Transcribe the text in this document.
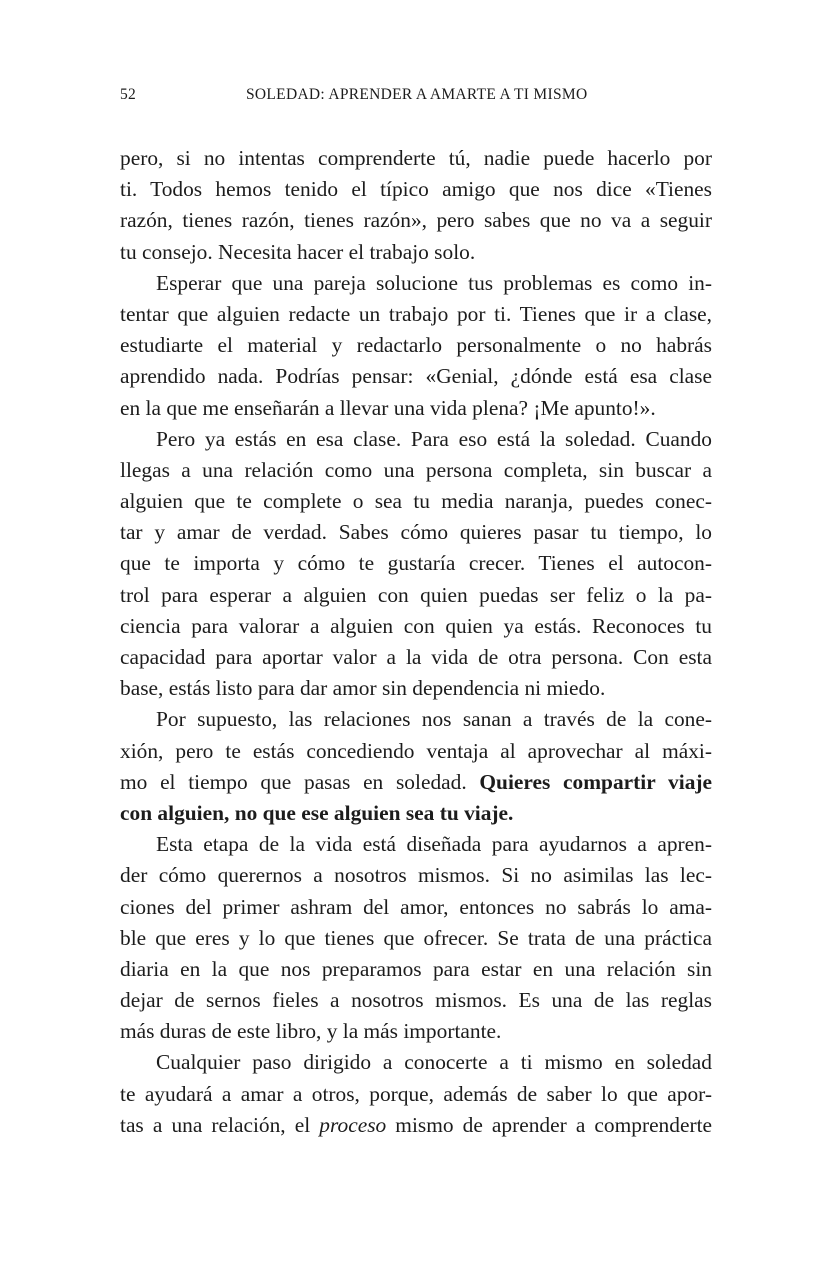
52	SOLEDAD: APRENDER A AMARTE A TI MISMO
pero, si no intentas comprenderte tú, nadie puede hacerlo por
ti. Todos hemos tenido el típico amigo que nos dice «Tienes
razón, tienes razón, tienes razón», pero sabes que no va a seguir
tu consejo. Necesita hacer el trabajo solo.
Esperar que una pareja solucione tus problemas es como in-
tentar que alguien redacte un trabajo por ti. Tienes que ir a clase,
estudiarte el material y redactarlo personalmente o no habrás
aprendido nada. Podrías pensar: «Genial, ¿dónde está esa clase
en la que me enseñarán a llevar una vida plena? ¡Me apunto!».
Pero ya estás en esa clase. Para eso está la soledad. Cuando
llegas a una relación como una persona completa, sin buscar a
alguien que te complete o sea tu media naranja, puedes conec-
tar y amar de verdad. Sabes cómo quieres pasar tu tiempo, lo
que te importa y cómo te gustaría crecer. Tienes el autocon-
trol para esperar a alguien con quien puedas ser feliz o la pa-
ciencia para valorar a alguien con quien ya estás. Reconoces tu
capacidad para aportar valor a la vida de otra persona. Con esta
base, estás listo para dar amor sin dependencia ni miedo.
Por supuesto, las relaciones nos sanan a través de la cone-
xión, pero te estás concediendo ventaja al aprovechar al máxi-
mo el tiempo que pasas en soledad. Quieres compartir viaje
con alguien, no que ese alguien sea tu viaje.
Esta etapa de la vida está diseñada para ayudarnos a apren-
der cómo querernos a nosotros mismos. Si no asimilas las lec-
ciones del primer ashram del amor, entonces no sabrás lo ama-
ble que eres y lo que tienes que ofrecer. Se trata de una práctica
diaria en la que nos preparamos para estar en una relación sin
dejar de sernos fieles a nosotros mismos. Es una de las reglas
más duras de este libro, y la más importante.
Cualquier paso dirigido a conocerte a ti mismo en soledad
te ayudará a amar a otros, porque, además de saber lo que apor-
tas a una relación, el proceso mismo de aprender a comprenderte
